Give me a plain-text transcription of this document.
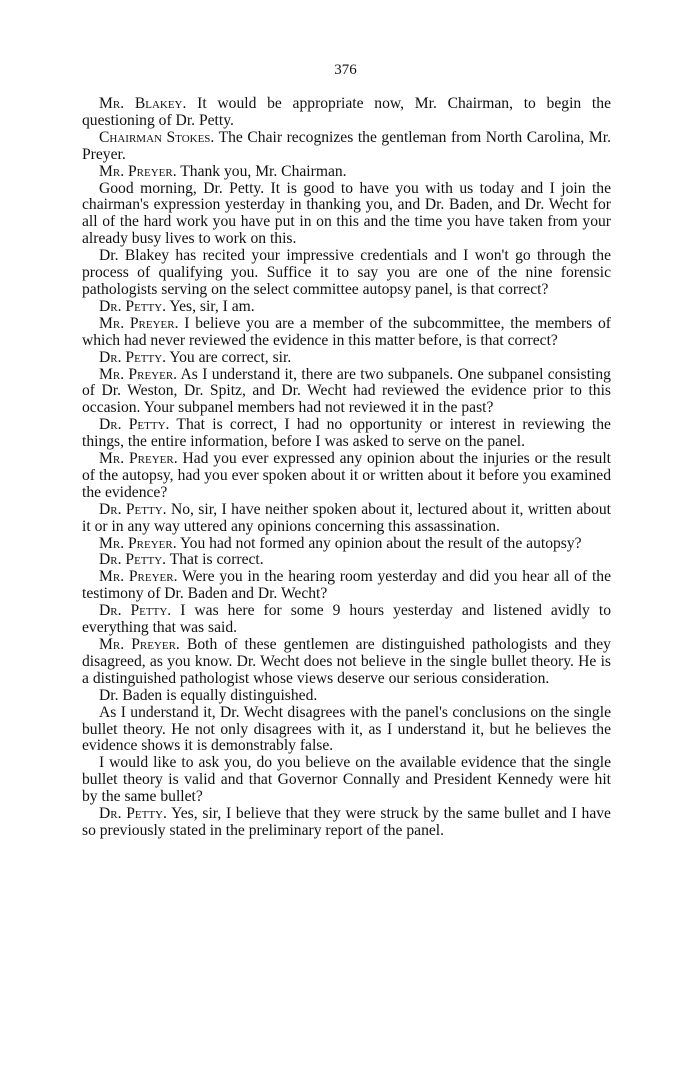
376

Mr. Blakey. It would be appropriate now, Mr. Chairman, to begin the questioning of Dr. Petty.

Chairman Stokes. The Chair recognizes the gentleman from North Carolina, Mr. Preyer.

Mr. Preyer. Thank you, Mr. Chairman.

Good morning, Dr. Petty. It is good to have you with us today and I join the chairman's expression yesterday in thanking you, and Dr. Baden, and Dr. Wecht for all of the hard work you have put in on this and the time you have taken from your already busy lives to work on this.

Dr. Blakey has recited your impressive credentials and I won't go through the process of qualifying you. Suffice it to say you are one of the nine forensic pathologists serving on the select committee autopsy panel, is that correct?

Dr. Petty. Yes, sir, I am.

Mr. Preyer. I believe you are a member of the subcommittee, the members of which had never reviewed the evidence in this matter before, is that correct?

Dr. Petty. You are correct, sir.

Mr. Preyer. As I understand it, there are two subpanels. One subpanel consisting of Dr. Weston, Dr. Spitz, and Dr. Wecht had reviewed the evidence prior to this occasion. Your subpanel members had not reviewed it in the past?

Dr. Petty. That is correct, I had no opportunity or interest in reviewing the things, the entire information, before I was asked to serve on the panel.

Mr. Preyer. Had you ever expressed any opinion about the injuries or the result of the autopsy, had you ever spoken about it or written about it before you examined the evidence?

Dr. Petty. No, sir, I have neither spoken about it, lectured about it, written about it or in any way uttered any opinions concerning this assassination.

Mr. Preyer. You had not formed any opinion about the result of the autopsy?

Dr. Petty. That is correct.

Mr. Preyer. Were you in the hearing room yesterday and did you hear all of the testimony of Dr. Baden and Dr. Wecht?

Dr. Petty. I was here for some 9 hours yesterday and listened avidly to everything that was said.

Mr. Preyer. Both of these gentlemen are distinguished pathologists and they disagreed, as you know. Dr. Wecht does not believe in the single bullet theory. He is a distinguished pathologist whose views deserve our serious consideration.

Dr. Baden is equally distinguished.

As I understand it, Dr. Wecht disagrees with the panel's conclusions on the single bullet theory. He not only disagrees with it, as I understand it, but he believes the evidence shows it is demonstrably false.

I would like to ask you, do you believe on the available evidence that the single bullet theory is valid and that Governor Connally and President Kennedy were hit by the same bullet?

Dr. Petty. Yes, sir, I believe that they were struck by the same bullet and I have so previously stated in the preliminary report of the panel.
